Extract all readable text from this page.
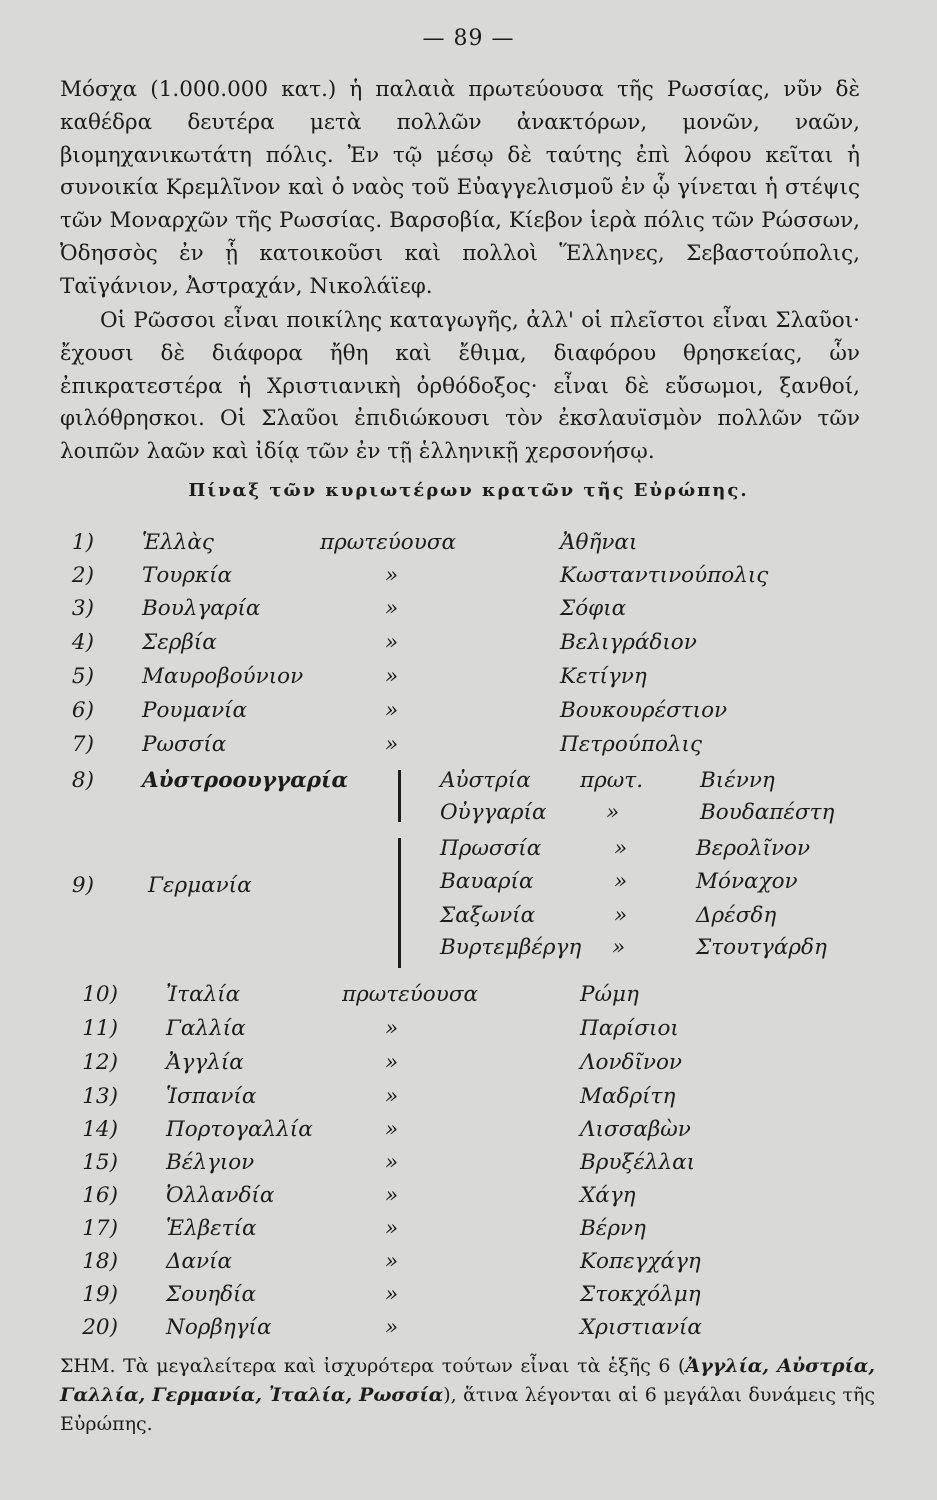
— 89 —

Μόσχα (1.000.000 κατ.) ἡ παλαιὰ πρωτεύουσα τῆς Ρωσσίας, νῦν δὲ καθέδρα δευτέρα μετὰ πολλῶν ἀνακτόρων, μονῶν, ναῶν, βιομηχανικωτάτη πόλις. Ἐν τῷ μέσῳ δὲ ταύτης ἐπὶ λόφου κεῖται ἡ συνοικία Κρεμλῖνον καὶ ὁ ναὸς τοῦ Εὐαγγελισμοῦ ἐν ᾧ γίνεται ἡ στέψις τῶν Μοναρχῶν τῆς Ρωσσίας. Βαρσοβία, Κίεβον ἱερὰ πόλις τῶν Ρώσσων, Ὀδησσὸς ἐν ᾗ κατοικοῦσι καὶ πολλοὶ Ἕλληνες, Σεβαστούπολις, Ταϊγάνιον, Ἀστραχάν, Νικολάϊεφ.

Οἱ Ρῶσσοι εἶναι ποικίλης καταγωγῆς, ἀλλ' οἱ πλεῖστοι εἶναι Σλαῦοι· ἔχουσι δὲ διάφορα ἤθη καὶ ἔθιμα, διαφόρου θρησκείας, ὧν ἐπικρατεστέρα ἡ Χριστιανικὴ ὀρθόδοξος· εἶναι δὲ εὔσωμοι, ξανθοί, φιλόθρησκοι. Οἱ Σλαῦοι ἐπιδιώκουσι τὸν ἐκσλαυϊσμὸν πολλῶν τῶν λοιπῶν λαῶν καὶ ἰδίᾳ τῶν ἐν τῇ ἑλληνικῇ χερσονήσῳ.

Πίναξ τῶν κυριωτέρων κρατῶν τῆς Εὐρώπης.
1) Ἑλλὰς	πρωτεύουσα	Ἀθῆναι
2) Τουρκία	»	Κωσταντινούπολις
3) Βουλγαρία	»	Σόφια
4) Σερβία	»	Βελιγράδιον
5) Μαυροβούνιον	»	Κετίγνη
6) Ρουμανία	»	Βουκουρέστιον
7) Ρωσσία	»	Πετρούπολις
8) Αὐστροουγγαρία	Αὐστρία πρωτ.	Βιέννη
Οὐγγαρία	»	Βουδαπέστη
9)	Γερμανία
Πρωσσία	»	Βερολῖνον
Βαυαρία	»	Μόναχον
Σαξωνία	»	Δρέσδη
Βυρτεμβέργη »	Στουτγάρδη
10) Ἰταλία	πρωτεύουσα	Ρώμη
11) Γαλλία	»	Παρίσιοι
12) Ἀγγλία	»	Λονδῖνον
13) Ἱσπανία	»	Μαδρίτη
14) Πορτογαλλία	»	Λισσαβὼν
15) Βέλγιον	»	Βρυξέλλαι
16) Ὀλλανδία	»	Χάγη
17) Ἑλβετία	»	Βέρνη
18) Δανία	»	Κοπεγχάγη
19) Σουηδία	»	Στοκχόλμη
20) Νορβηγία	»	Χριστιανία

ΣΗΜ. Τὰ μεγαλείτερα καὶ ἰσχυρότερα τούτων εἶναι τὰ ἑξῆς 6 (Ἀγγλία, Αὐστρία, Γαλλία, Γερμανία, Ἰταλία, Ρωσσία), ἅτινα λέγονται αἱ 6 μεγάλαι δυνάμεις τῆς Εὐρώπης.
